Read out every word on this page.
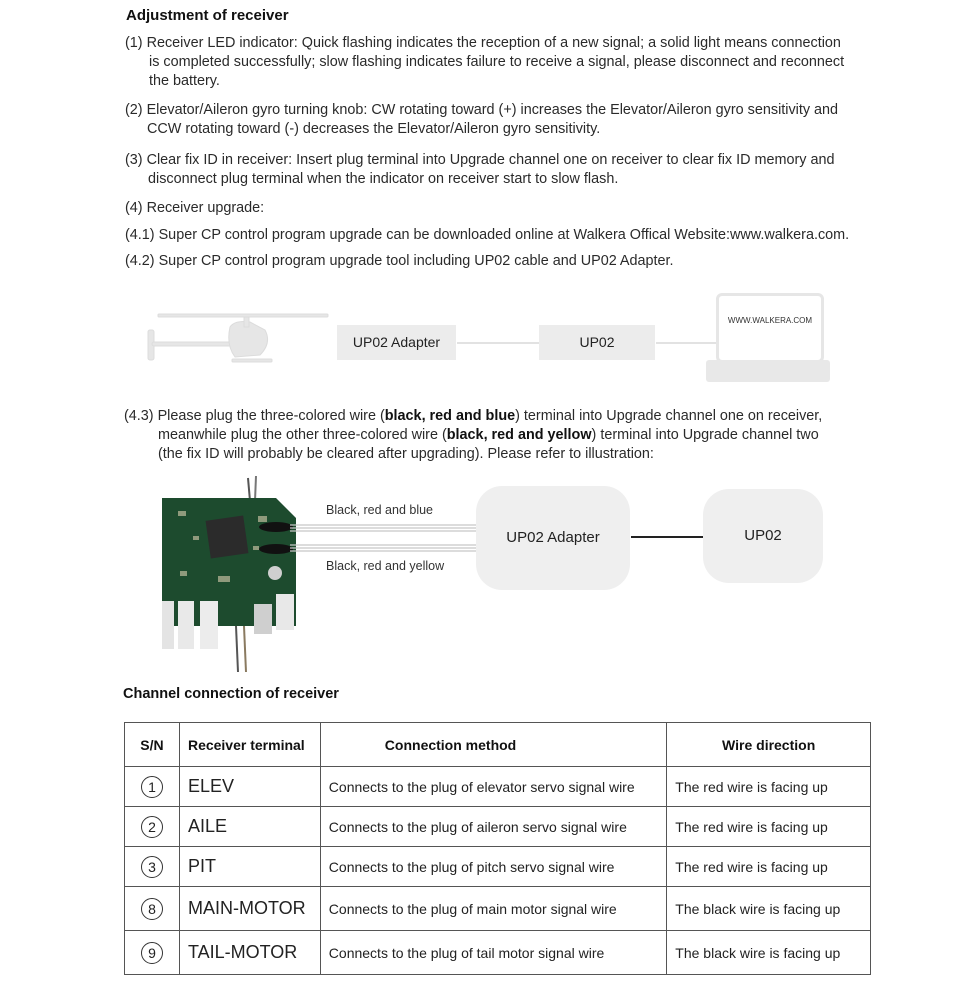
Adjustment of receiver
(1) Receiver LED indicator: Quick flashing indicates the reception of a new signal; a solid light means connection
is completed successfully; slow flashing indicates failure to receive a signal, please disconnect and reconnect
the battery.
(2) Elevator/Aileron gyro turning knob: CW rotating toward (+) increases the Elevator/Aileron gyro sensitivity and
CCW rotating toward (-) decreases the Elevator/Aileron gyro sensitivity.
(3) Clear fix ID in receiver: Insert plug terminal into Upgrade channel one on receiver to clear fix ID memory and
disconnect plug terminal when the indicator on receiver start to slow flash.
(4) Receiver upgrade:
(4.1) Super CP control program upgrade can be downloaded online at Walkera Offical Website:www.walkera.com.
(4.2) Super CP control program upgrade tool including UP02 cable and UP02 Adapter.
UP02 Adapter	UP02
WWW.WALKERA.COM
(4.3) Please plug the three-colored wire (black, red and blue) terminal into Upgrade channel one on receiver,
meanwhile plug the other three-colored wire (black, red and yellow) terminal into Upgrade channel two
(the fix ID will probably be cleared after upgrading). Please refer to illustration:
Black, red and blue
Black, red and yellow
UP02 Adapter	UP02
Channel connection of receiver
S/N	Receiver terminal	Connection method	Wire direction
1	ELEV	Connects to the plug of elevator servo signal wire	The red wire is facing up
2	AILE	Connects to the plug of aileron servo signal wire	The red wire is facing up
3	PIT	Connects to the plug of pitch servo signal wire	The red wire is facing up
8	MAIN-MOTOR	Connects to the plug of main motor signal wire	The black wire is facing up
9	TAIL-MOTOR	Connects to the plug of tail motor signal wire	The black wire is facing up
